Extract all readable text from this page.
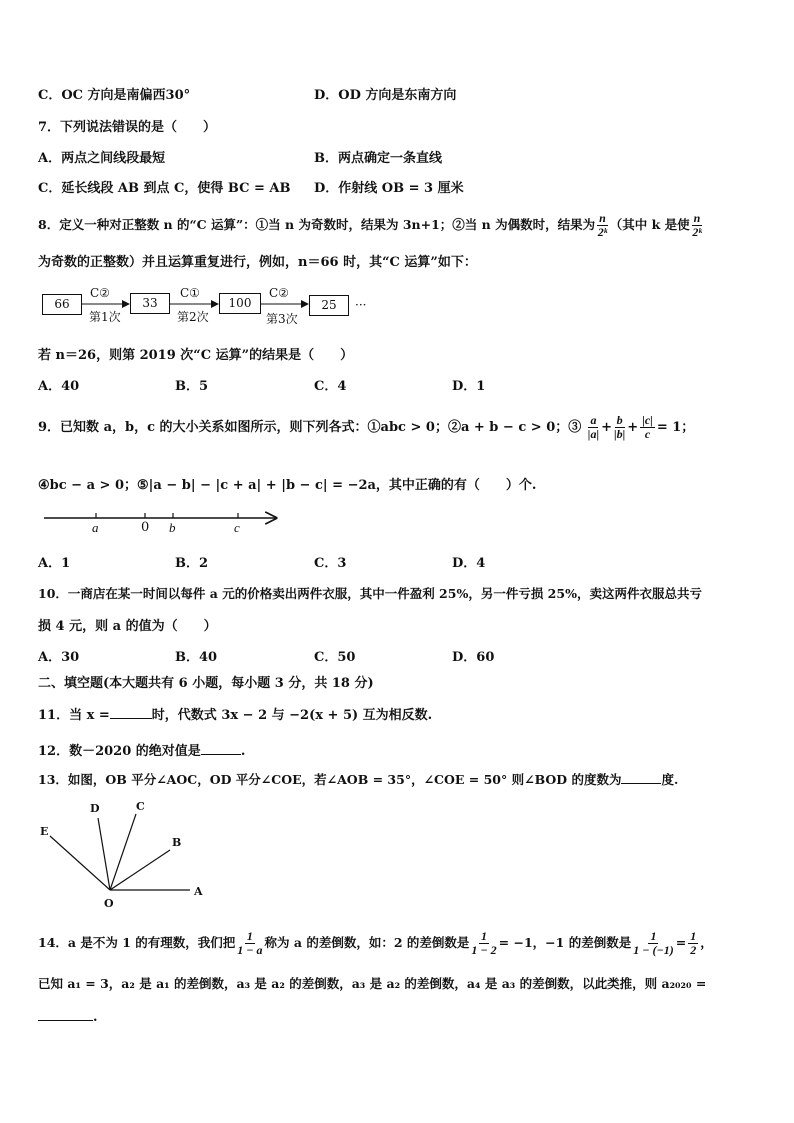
C．OC 方向是南偏西30°	D．OD 方向是东南方向
7．下列说法错误的是（　　）
A．两点之间线段最短	B．两点确定一条直线
C．延长线段 AB 到点 C，使得 BC = AB D．作射线 OB = 3 厘米
8．定义一种对正整数 n 的“C 运算”：①当 n 为奇数时，结果为 3n+1；②当 n 为偶数时，结果为 $\frac{n}{\text{2ᵏ}}$ （其中 k 是使 $\frac{n}{\text{2ᵏ}}$
为奇数的正整数）并且运算重复进行，例如，n＝66 时，其“C 运算”如下：
66	33	100	25
C②	C①	C②
第1次	第2次	第3次
···
若 n＝26，则第 2019 次“C 运算”的结果是（　　）
A．40	B．5	C．4	D．1
9．已知数 a，b，c 的大小关系如图所示，则下列各式：①abc > 0；②a + b − c > 0；③ $\frac{a}{|a|} + \frac{b}{|b|} + \frac{|c|}{c} = 1$；
④bc − a > 0；⑤|a − b| − |c + a| + |b − c| = −2a，其中正确的有（　　）个.
a	0 b	c
A．1	B．2	C．3	D．4
10．一商店在某一时间以每件 a 元的价格卖出两件衣服，其中一件盈利 25%，另一件亏损 25%，卖这两件衣服总共亏
损 4 元，则 a 的值为（　　）
A．30	B．40	C．50	D．60
二、填空题(本大题共有 6 小题，每小题 3 分，共 18 分)
11．当 x =	时，代数式 3x − 2 与 −2(x + 5) 互为相反数.
12．数－2020 的绝对值是	.
13．如图，OB 平分∠AOC，OD 平分∠COE，若∠AOB = 35°，∠COE = 50° 则∠BOD 的度数为	度.
E
D	C
B
A
O
14．a 是不为 1 的有理数，我们把 $\frac{1}{1 - a}$ 称为 a 的差倒数，如：2 的差倒数是 $\frac{1}{1 - 2} = -1$，−1 的差倒数是 $\frac{1}{1 - (-1)} = \frac{1}{2}$ ，
已知 a₁ = 3，a₂ 是 a₁ 的差倒数，a₃ 是 a₂ 的差倒数，a₃ 是 a₂ 的差倒数，a₄ 是 a₃ 的差倒数，以此类推，则 a₂₀₂₀ =
.
